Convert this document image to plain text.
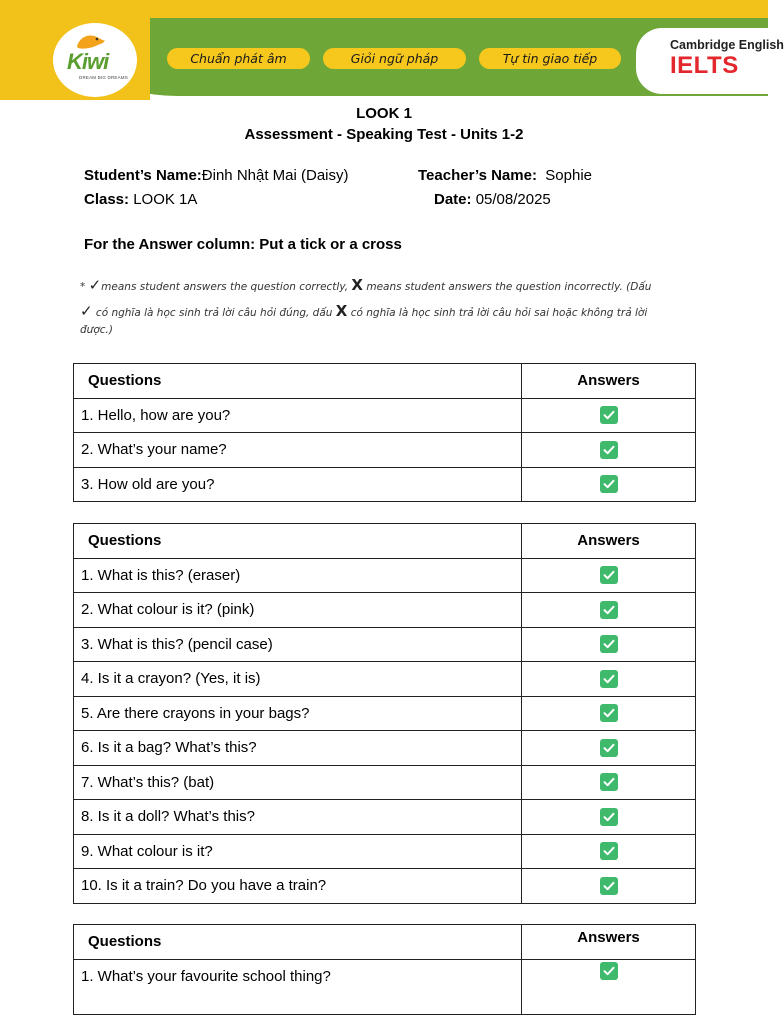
Kiwi
DREAM BIG DREAMS
Chuẩn phát âm	Giỏi ngữ pháp	Tự tin giao tiếp
Cambridge English
IELTS
LOOK 1
Assessment - Speaking Test - Units 1-2
Student’s Name:Đinh Nhật Mai (Daisy)
Class: LOOK 1A
Teacher’s Name: Sophie
Date: 05/08/2025
For the Answer column: Put a tick or a cross
* ✓means student answers the question correctly, X means student answers the question incorrectly. (Dấu
✓ có nghĩa là học sinh trả lời câu hỏi đúng, dấu X có nghĩa là học sinh trả lời câu hỏi sai hoặc không trả lời
được.)
Questions	Answers
1. Hello, how are you?	

2. What’s your name?	

3. How old are you?	
Questions	Answers
1. What is this? (eraser)	

2. What colour is it? (pink)	

3. What is this? (pencil case)	

4. Is it a crayon? (Yes, it is)	

5. Are there crayons in your bags?	

6. Is it a bag? What’s this?	

7. What’s this? (bat)	

8. Is it a doll? What’s this?	

9. What colour is it?	

10. Is it a train? Do you have a train?	
Questions	Answers
1. What’s your favourite school thing?	
